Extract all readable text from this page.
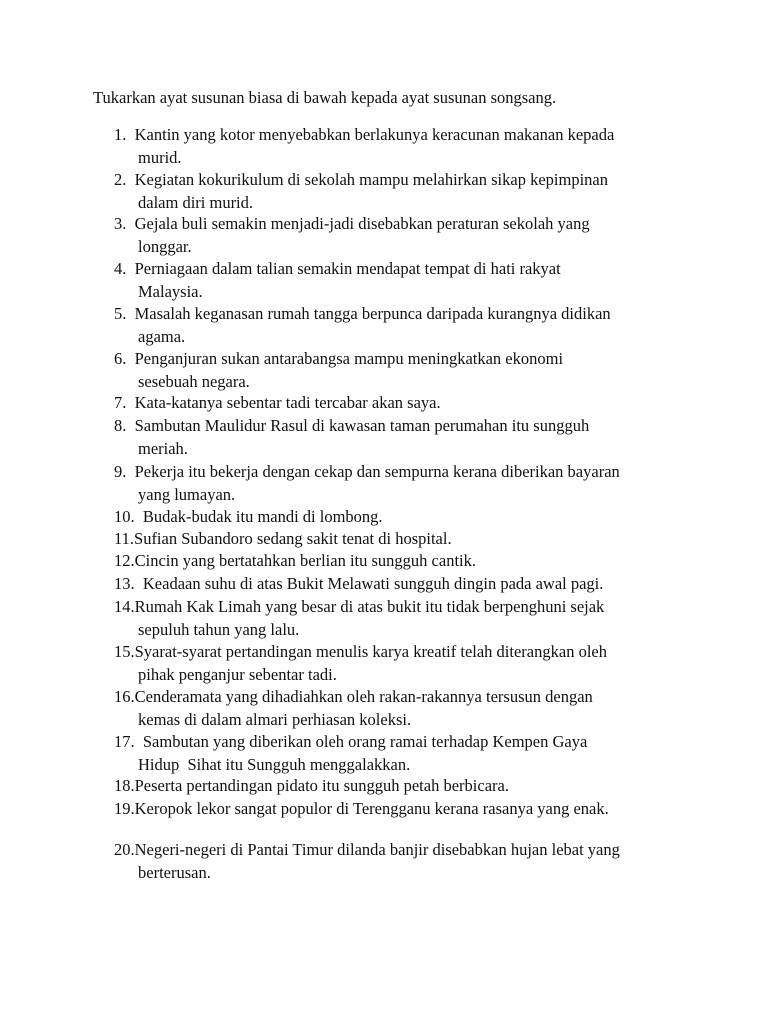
Tukarkan ayat susunan biasa di bawah kepada ayat susunan songsang.
1. Kantin yang kotor menyebabkan berlakunya keracunan makanan kepada
murid.
2. Kegiatan kokurikulum di sekolah mampu melahirkan sikap kepimpinan
dalam diri murid.
3. Gejala buli semakin menjadi-jadi disebabkan peraturan sekolah yang
longgar.
4. Perniagaan dalam talian semakin mendapat tempat di hati rakyat
Malaysia.
5. Masalah keganasan rumah tangga berpunca daripada kurangnya didikan
agama.
6. Penganjuran sukan antarabangsa mampu meningkatkan ekonomi
sesebuah negara.
7. Kata-katanya sebentar tadi tercabar akan saya.
8. Sambutan Maulidur Rasul di kawasan taman perumahan itu sungguh
meriah.
9. Pekerja itu bekerja dengan cekap dan sempurna kerana diberikan bayaran
yang lumayan.
10. Budak-budak itu mandi di lombong.
11.Sufian Subandoro sedang sakit tenat di hospital.
12.Cincin yang bertatahkan berlian itu sungguh cantik.
13. Keadaan suhu di atas Bukit Melawati sungguh dingin pada awal pagi.
14.Rumah Kak Limah yang besar di atas bukit itu tidak berpenghuni sejak
sepuluh tahun yang lalu.
15.Syarat-syarat pertandingan menulis karya kreatif telah diterangkan oleh
pihak penganjur sebentar tadi.
16.Cenderamata yang dihadiahkan oleh rakan-rakannya tersusun dengan
kemas di dalam almari perhiasan koleksi.
17. Sambutan yang diberikan oleh orang ramai terhadap Kempen Gaya
Hidup  Sihat itu Sungguh menggalakkan.
18.Peserta pertandingan pidato itu sungguh petah berbicara.
19.Keropok lekor sangat populor di Terengganu kerana rasanya yang enak.
20.Negeri-negeri di Pantai Timur dilanda banjir disebabkan hujan lebat yang
berterusan.
